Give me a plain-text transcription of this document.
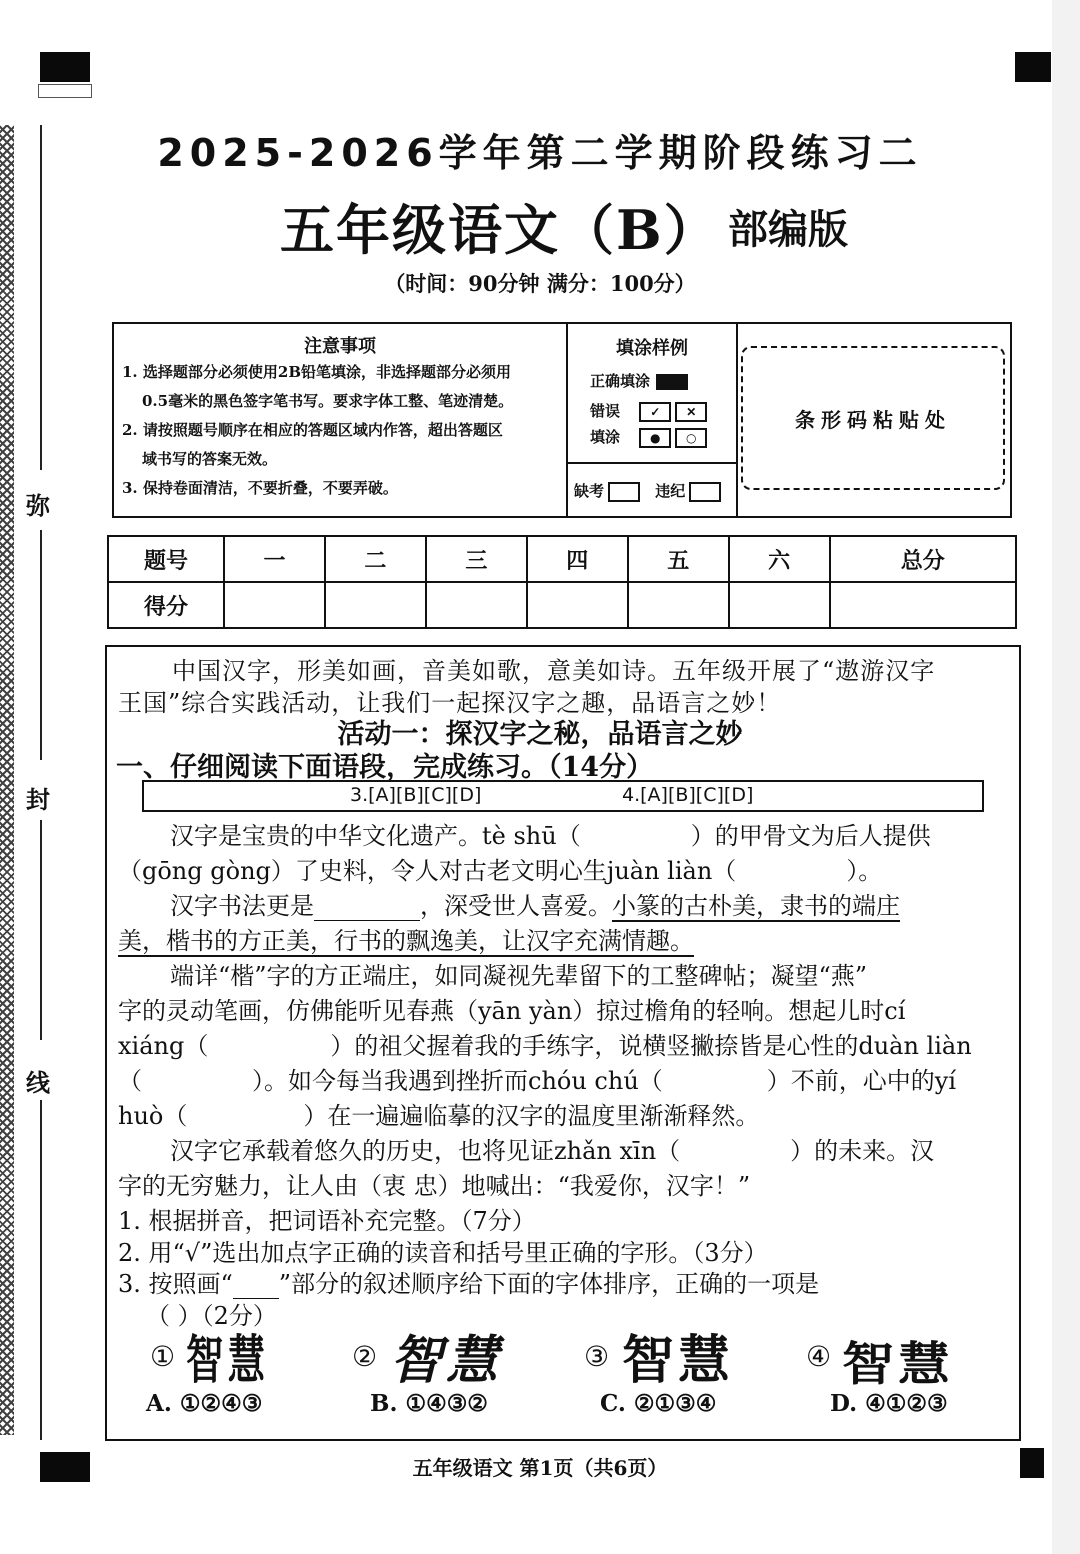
弥
封
线
2025-2026学年第二学期阶段练习二
五年级语文（B） 部编版
（时间：90分钟 满分：100分）
注意事项
1. 选择题部分必须使用2B铅笔填涂，非选择题部分必须用
0.5毫米的黑色签字笔书写。要求字体工整、笔迹清楚。
2. 请按照题号顺序在相应的答题区域内作答，超出答题区
域书写的答案无效。
3. 保持卷面清洁，不要折叠，不要弄破。
填涂样例
正确填涂
错误	✓ ✕
填涂 ● ○
缺考	违纪
条形码粘贴处
题号	一	二	三	四	五	六	总分
得分							
中国汉字，形美如画，音美如歌，意美如诗。五年级开展了“遨游汉字
王国”综合实践活动，让我们一起探汉字之趣，品语言之妙！
活动一：探汉字之秘，品语言之妙
一、仔细阅读下面语段，完成练习。（14分）
3.[A][B][C][D]	4.[A][B][C][D]
汉字是宝贵的中华文化遗产。tè shū（	）的甲骨文为后人提供
（gōng gòng）了史料，令人对古老文明心生juàn liàn（	）。
汉字书法更是	，深受世人喜爱。小篆的古朴美，隶书的端庄
美，楷书的方正美，行书的飘逸美，让汉字充满情趣。
端详“楷”字的方正端庄，如同凝视先辈留下的工整碑帖；凝望“燕”
字的灵动笔画，仿佛能听见春燕（yān yàn）掠过檐角的轻响。想起儿时cí
xiáng（	）的祖父握着我的手练字，说横竖撇捺皆是心性的duàn liàn
（	）。如今每当我遇到挫折而chóu chú（	）不前，心中的yí
huò（	）在一遍遍临摹的汉字的温度里渐渐释然。
汉字它承载着悠久的历史，也将见证zhǎn xīn（	）的未来。汉
字的无穷魅力，让人由（衷 忠）地喊出：“我爱你，汉字！”
1. 根据拼音，把词语补充完整。（7分）
2. 用“√”选出加点字正确的读音和括号里正确的字形。（3分）
3. 按照画“ ”部分的叙述顺序给下面的字体排序，正确的一项是
（ ）（2分）
① 智慧	② 智慧	③ 智慧	④ 智慧
A. ①②④③	B. ①④③②	C. ②①③④	D. ④①②③
五年级语文 第1页（共6页）
